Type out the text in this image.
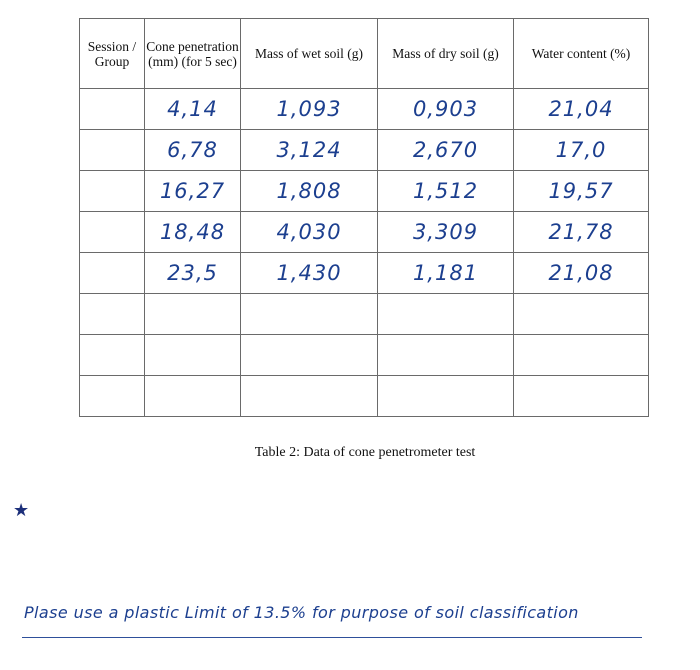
Session / Group	Cone penetration (mm) (for 5 sec)	Mass of wet soil (g)	Mass of dry soil (g)	Water content (%)
	4,14	1,093	0,903	21,04
	6,78	3,124	2,670	17,0
	16,27	1,808	1,512	19,57
	18,48	4,030	3,309	21,78
	23,5	1,430	1,181	21,08

Table 2: Data of cone penetrometer test
★
Plase use a plastic Limit of 13.5% for purpose of soil classification
